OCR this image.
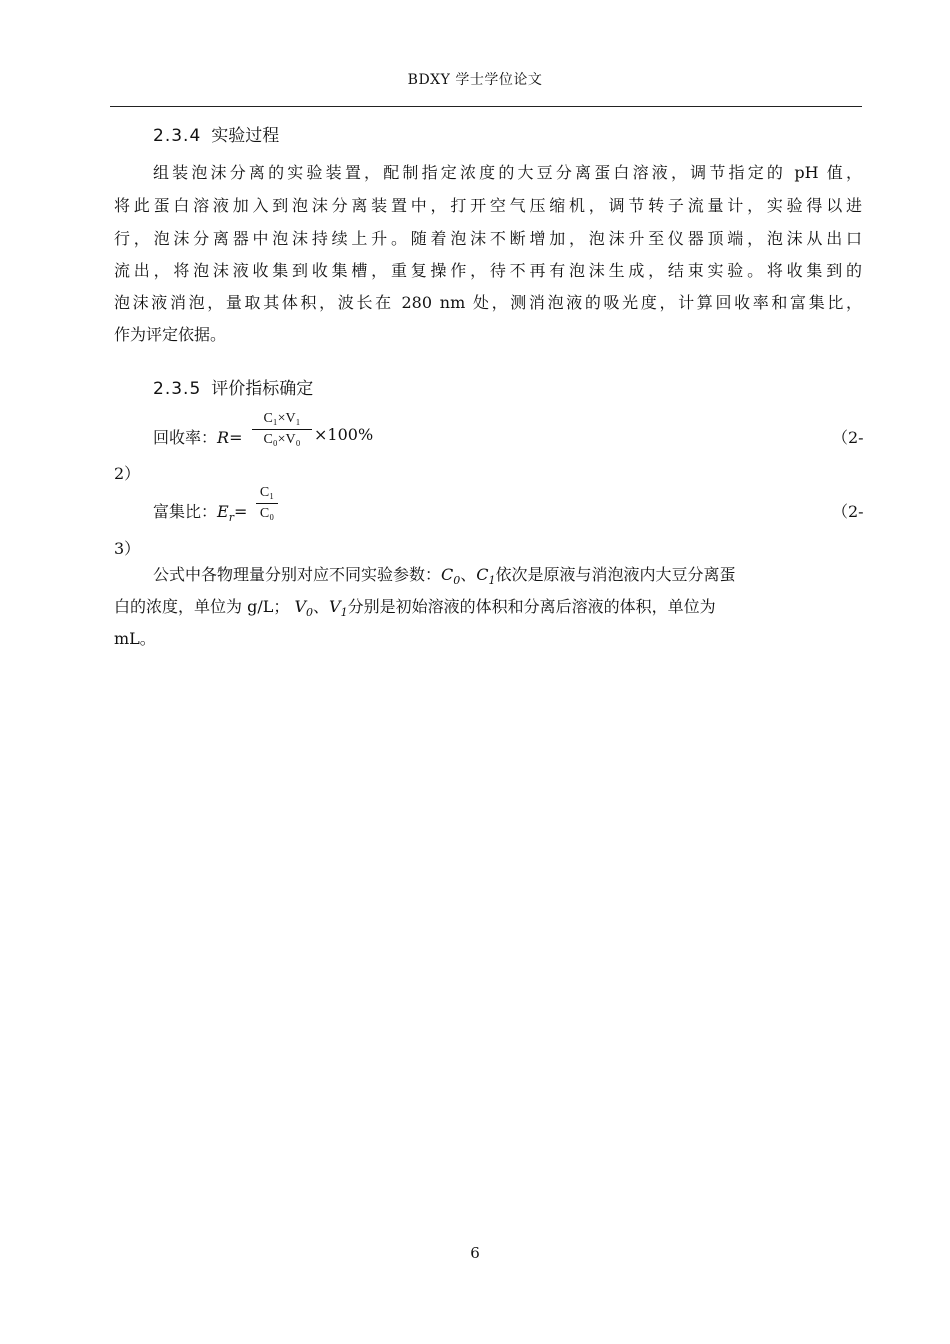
BDXY 学士学位论文
2.3.4 实验过程
组装泡沫分离的实验装置，配制指定浓度的大豆分离蛋白溶液，调节指定的 pH 值，
将此蛋白溶液加入到泡沫分离装置中，打开空气压缩机，调节转子流量计，实验得以进
行，泡沫分离器中泡沫持续上升。随着泡沫不断增加，泡沫升至仪器顶端，泡沫从出口
流出，将泡沫液收集到收集槽，重复操作，待不再有泡沫生成，结束实验。将收集到的
泡沫液消泡，量取其体积，波长在 280 nm 处，测消泡液的吸光度，计算回收率和富集比，
作为评定依据。
2.3.5 评价指标确定
回收率：R=
C₁×V₁
C₀×V₀ ×100%	（2-
2）
富集比：$E_r=$
C₁
C₀	（2-
3）
公式中各物理量分别对应不同实验参数：$C_0$、$C_1$依次是原液与消泡液内大豆分离蛋
白的浓度，单位为 g/L； $V_0$、$V_1$分别是初始溶液的体积和分离后溶液的体积，单位为
mL。
6
